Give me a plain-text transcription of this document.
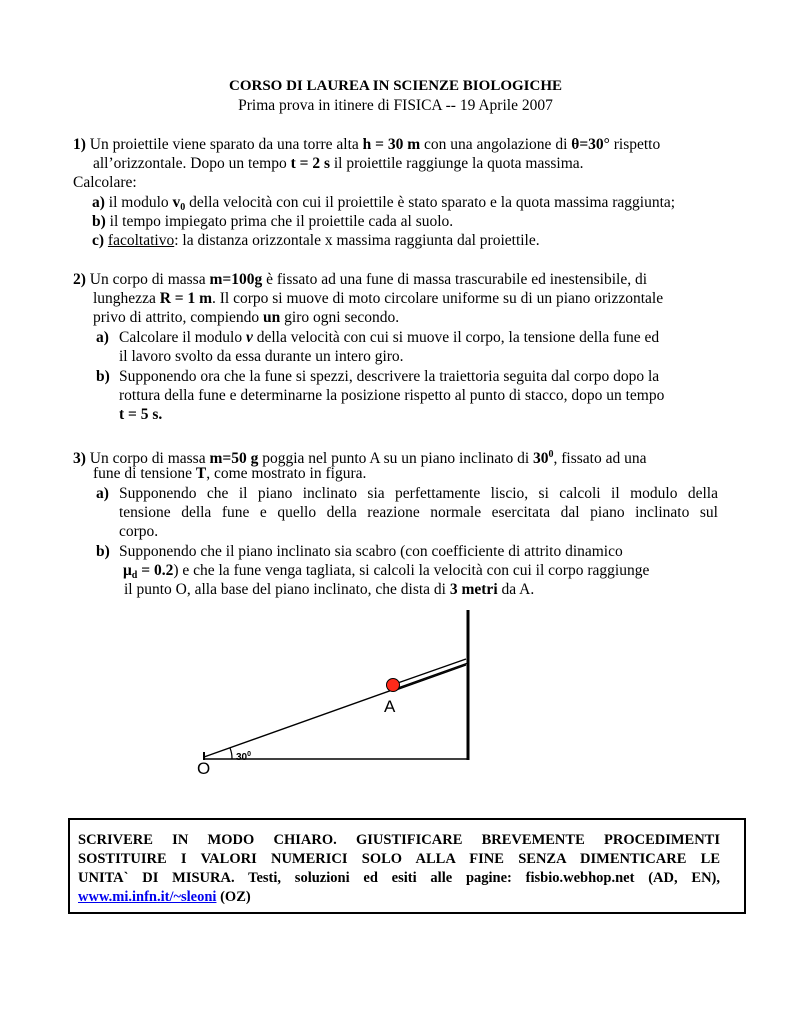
CORSO DI LAUREA IN SCIENZE BIOLOGICHE
Prima prova in itinere di FISICA -- 19 Aprile 2007
1) Un proiettile viene sparato da una torre alta h = 30 m con una angolazione di θ=30° rispetto
all’orizzontale. Dopo un tempo t = 2 s il proiettile raggiunge la quota massima.
Calcolare:
a) il modulo $v_0$ della velocità con cui il proiettile è stato sparato e la quota massima raggiunta;
b) il tempo impiegato prima che il proiettile cada al suolo.
c) facoltativo: la distanza orizzontale x massima raggiunta dal proiettile.
2) Un corpo di massa m=100g è fissato ad una fune di massa trascurabile ed inestensibile, di
lunghezza R = 1 m. Il corpo si muove di moto circolare uniforme su di un piano orizzontale
privo di attrito, compiendo un giro ogni secondo.
a) Calcolare il modulo v della velocità con cui si muove il corpo, la tensione della fune ed
il lavoro svolto da essa durante un intero giro.
b) Supponendo ora che la fune si spezzi, descrivere la traiettoria seguita dal corpo dopo la
rottura della fune e determinarne la posizione rispetto al punto di stacco, dopo un tempo
t = 5 s.
3) Un corpo di massa m=50 g poggia nel punto A su un piano inclinato di $30^0$, fissato ad una
fune di tensione T, come mostrato in figura.
a) Supponendo che il piano inclinato sia perfettamente liscio, si calcoli il modulo della
tensione della fune e quello della reazione normale esercitata dal piano inclinato sul
corpo.
b) Supponendo che il piano inclinato sia scabro (con coefficiente di attrito dinamico
$\mu_d = 0.2$) e che la fune venga tagliata, si calcoli la velocità con cui il corpo raggiunge
il punto O, alla base del piano inclinato, che dista di 3 metri da A.
A
O
$30^0$
SCRIVERE IN MODO CHIARO. GIUSTIFICARE BREVEMENTE PROCEDIMENTI
SOSTITUIRE I VALORI NUMERICI SOLO ALLA FINE SENZA DIMENTICARE LE
UNITA` DI MISURA. Testi, soluzioni ed esiti alle pagine: fisbio.webhop.net (AD, EN),
www.mi.infn.it/~sleoni (OZ)
